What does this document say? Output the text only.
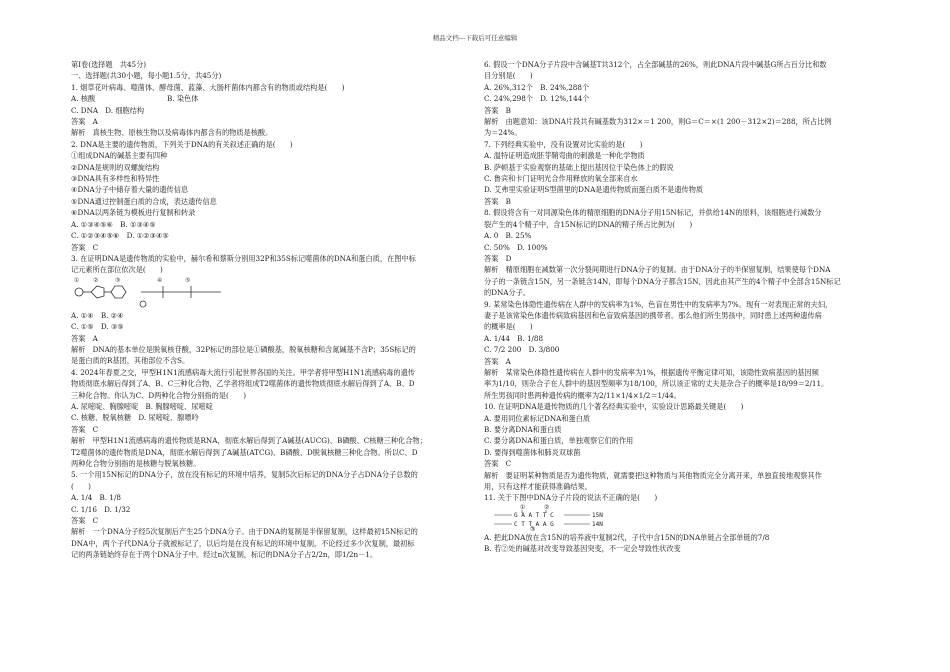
精品文档---下载后可任意编辑
第Ⅰ卷(选择题　共45分)
一、选择题(共30小题，每小题1.5分，共45分)
1. 烟草花叶病毒、噬菌体、酵母菌、蓝藻、大肠杆菌体内都含有的物质或结构是(　　)
A. 核酸　　　　　　　　　　B. 染色体
C. DNA　D. 细胞结构
答案　A
解析　真核生物、原核生物以及病毒体内都含有的物质是核酸。
2. DNA是主要的遗传物质，下列关于DNA的有关叙述正确的是(　　)
①组成DNA的碱基主要有四种
②DNA是规则的双螺旋结构
③DNA具有多样性和特异性
④DNA分子中储存着大量的遗传信息
⑤DNA通过控制蛋白质的合成，表达遗传信息
⑥DNA以两条链为模板进行复制和转录
A. ①③④⑤⑥　B. ①③④⑤
C. ①②③④⑤⑥　D. ①②③④⑤
答案　C
3. 在证明DNA是遗传物质的实验中，赫尔希和蔡斯分别用32P和35S标记噬菌体的DNA和蛋白质，在图中标
记元素所在部位依次是(　　)
① ②	③	④	⑤
A. ①④　B. ②④
C. ①⑤　D. ③⑤
答案　A
解析　DNA的基本单位是脱氧核苷酸，32P标记的部位是①磷酸基，脱氧核糖和含氮碱基不含P；35S标记的
是蛋白质的R基团，其他部位不含S。
4. 2024年春夏之交，甲型H1N1流感病毒大流行引起世界各国的关注。甲学者将甲型H1N1流感病毒的遗传
物质彻底水解后得到了A、B、C三种化合物，乙学者将组成T2噬菌体的遗传物质彻底水解后得到了A、B、D
三种化合物。你认为C、D两种化合物分别指的是(　　)
A. 尿嘧啶、胸腺嘧啶　B. 胸腺嘧啶、尿嘧啶
C. 核糖、脱氧核糖　D. 尿嘧啶、腺嘌呤
答案　C
解析　甲型H1N1流感病毒的遗传物质是RNA，彻底水解后得到了A碱基(AUCG)、B磷酸、C核糖三种化合物；
T2噬菌体的遗传物质是DNA，彻底水解后得到了A碱基(ATCG)、B磷酸、D脱氧核糖三种化合物。所以C、D
两种化合物分别指的是核糖与脱氧核糖。
5. 一个用15N标记的DNA分子，放在没有标记的环境中培养，复制5次后标记的DNA分子占DNA分子总数的
(　　)
A. 1/4　B. 1/8
C. 1/16　D. 1/32
答案　C
解析　一个DNA分子经5次复制后产生25个DNA分子。由于DNA的复制是半保留复制，这样最初15N标记的
DNA中，两个子代DNA分子就被标记了，以后均是在没有标记的环境中复制，不论经过多少次复制，最初标
记的两条链始终存在于两个DNA分子中。经过n次复制，标记的DNA分子占2/2n，即1/2n－1。
6. 假设一个DNA分子片段中含碱基T共312个，占全部碱基的26%，则此DNA片段中碱基G所占百分比和数
目分别是(　　)
A. 26%,312个　B. 24%,288个
C. 24%,298个　D. 12%,144个
答案　B
解析　由题意知：该DNA片段共有碱基数为312×＝1 200，则G＝C＝×(1 200－312×2)＝288，所占比例
为＝24%。
7. 下列经典实验中，没有设置对比实验的是(　　)
A. 温特证明造成胚芽鞘弯曲的刺激是一种化学物质
B. 萨顿基于实验观察的基础上提出基因位于染色体上的假说
C. 鲁宾和卡门证明光合作用释放的氧全部来自水
D. 艾弗里实验证明S型菌里的DNA是遗传物质而蛋白质不是遗传物质
答案　B
8. 假设将含有一对同源染色体的精原细胞的DNA分子用15N标记，并供给14N的原料，该细胞进行减数分
裂产生的4个精子中，含15N标记的DNA的精子所占比例为(　　)
A. 0　B. 25%
C. 50%　D. 100%
答案　D
解析　精原细胞在减数第一次分裂间期进行DNA分子的复制。由于DNA分子的半保留复制，结果使每个DNA
分子的一条链含15N，另一条链含14N，即每个DNA分子都含15N，因此由其产生的4个精子中全部含15N标记
的DNA分子。
9. 某常染色体隐性遗传病在人群中的发病率为1%，色盲在男性中的发病率为7%。现有一对表现正常的夫妇，
妻子是该常染色体遗传病致病基因和色盲致病基因的携带者。那么他们所生男孩中，同时患上述两种遗传病
的概率是(　　)
A. 1/44　B. 1/88
C. 7/2 200　D. 3/800
答案　A
解析　某常染色体隐性遗传病在人群中的发病率为1%，根据遗传平衡定律可知，该隐性致病基因的基因频
率为1/10，则杂合子在人群中的基因型频率为18/100，所以该正常的丈夫是杂合子的概率是18/99＝2/11。
所生男孩同时患两种遗传病的概率为2/11×1/4×1/2＝1/44。
10. 在证明DNA是遗传物质的几个著名经典实验中，实验设计思路最关键是(　　)
A. 要用同位素标记DNA和蛋白质
B. 要分离DNA和蛋白质
C. 要分离DNA和蛋白质，单独观察它们的作用
D. 要得到噬菌体和肺炎双球菌
答案　C
解析　要证明某种物质是否为遗传物质，就需要把这种物质与其他物质完全分离开来，单独直接地观察其作
用，只有这样才能获得准确结果。
11. 关于下图中DNA分子片段的说法不正确的是(　　)
①	②
③
G A A T T C
C T T A A G
15N
14N
A. 把此DNA放在含15N的培养液中复制2代，子代中含15N的DNA单链占全部单链的7/8
B. 若②处的碱基对改变导致基因突变，不一定会导致性状改变
